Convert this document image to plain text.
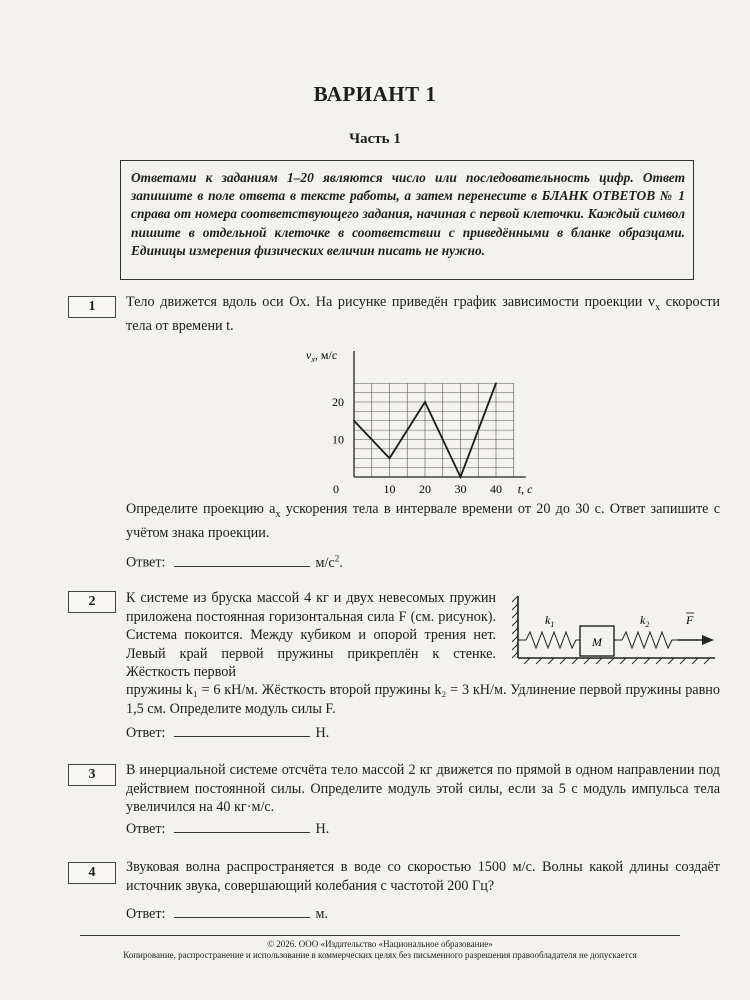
ВАРИАНТ 1
Часть 1
Ответами к заданиям 1–20 являются число или последовательность цифр. Ответ запишите в поле ответа в тексте работы, а затем перенесите в БЛАНК ОТВЕТОВ № 1 справа от номера соответствующего задания, начиная с первой клеточки. Каждый символ пишите в отдельной клеточке в соответствии с приведёнными в бланке образцами. Единицы измерения физических величин писать не нужно.
1	Тело движется вдоль оси Ox. На рисунке приведён график зависимости проекции $v_x$ скорости тела от времени t.
0	10 20 30 40
10
20
$v_x$, м/с
t, с
Определите проекцию $a_x$ ускорения тела в интервале времени от 20 до 30 с. Ответ запишите с учётом знака проекции.
Ответ:	$м/с^2$.
2	К системе из бруска массой 4 кг и двух невесомых пружин приложена постоянная горизонтальная сила F (см. рисунок). Система покоится. Между кубиком и опорой трения нет. Левый край первой пружины прикреплён к стенке. Жёсткость первой
пружины k₁ = 6 кН/м. Жёсткость второй пружины k₂ = 3 кН/м. Удлинение первой пружины равно 1,5 см. Определите модуль силы F.
M
$k_1$	$k_2$	F
Ответ:	Н.
3	В инерциальной системе отсчёта тело массой 2 кг движется по прямой в одном направлении под действием постоянной силы. Определите модуль этой силы, если за 5 с модуль импульса тела увеличился на 40 кг·м/с.
Ответ:	Н.
4	Звуковая волна распространяется в воде со скоростью 1500 м/с. Волны какой длины создаёт источник звука, совершающий колебания с частотой 200 Гц?
Ответ:	м.
© 2026. ООО «Издательство «Национальное образование»
Копирование, распространение и использование в коммерческих целях без письменного разрешения правообладателя не допускается
